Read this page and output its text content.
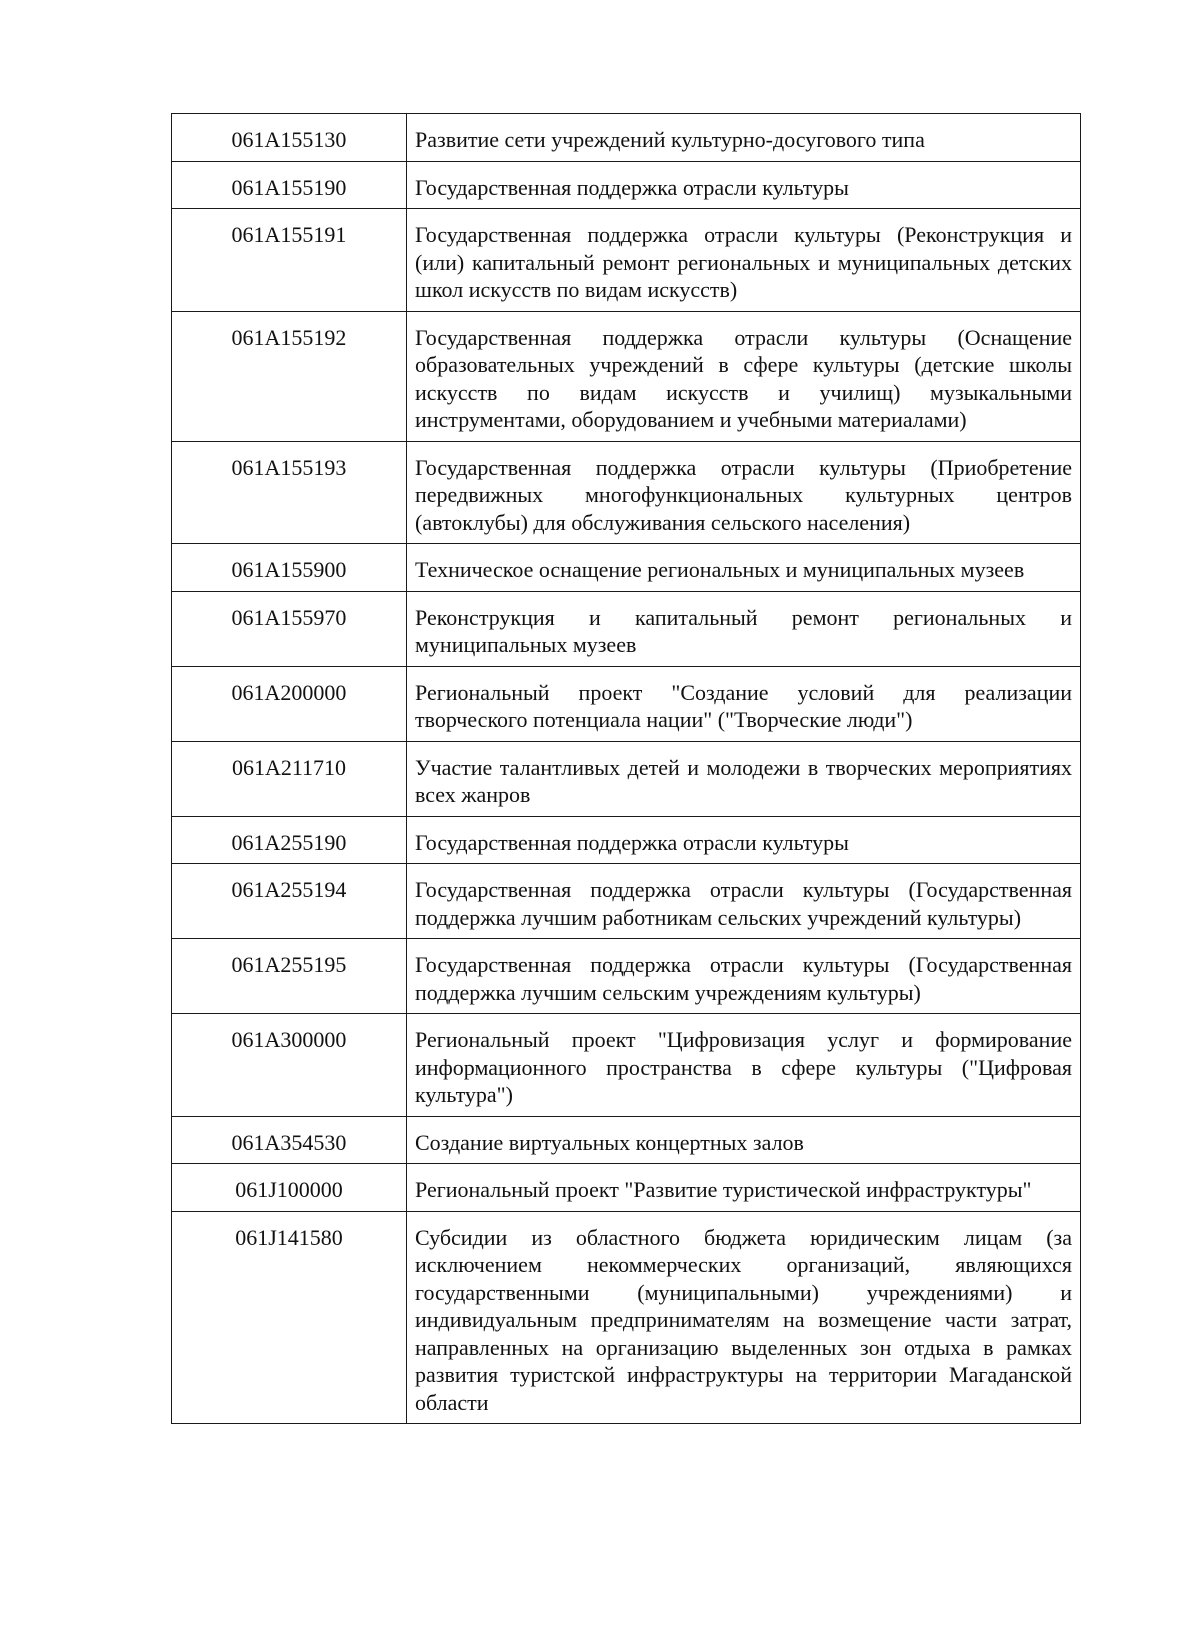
061A155130	Развитие сети учреждений культурно-досугового типа
061A155190	Государственная поддержка отрасли культуры
061A155191	Государственная поддержка отрасли культуры (Реконструкция и (или) капитальный ремонт региональных и муниципальных детских школ искусств по видам искусств)
061A155192	Государственная поддержка отрасли культуры (Оснащение образовательных учреждений в сфере культуры (детские школы искусств по видам искусств и училищ) музыкальными инструментами, оборудованием и учебными материалами)
061A155193	Государственная поддержка отрасли культуры (Приобретение передвижных многофункциональных культурных центров (автоклубы) для обслуживания сельского населения)
061A155900	Техническое оснащение региональных и муниципальных музеев
061A155970	Реконструкция и капитальный ремонт региональных и муниципальных музеев
061A200000	Региональный проект "Создание условий для реализации творческого потенциала нации" ("Творческие люди")
061A211710	Участие талантливых детей и молодежи в творческих мероприятиях всех жанров
061A255190	Государственная поддержка отрасли культуры
061A255194	Государственная поддержка отрасли культуры (Государственная поддержка лучшим работникам сельских учреждений культуры)
061A255195	Государственная поддержка отрасли культуры (Государственная поддержка лучшим сельским учреждениям культуры)
061A300000	Региональный проект "Цифровизация услуг и формирование информационного пространства в сфере культуры ("Цифровая культура")
061A354530	Создание виртуальных концертных залов
061J100000	Региональный проект "Развитие туристической инфраструктуры"
061J141580	Субсидии из областного бюджета юридическим лицам (за исключением некоммерческих организаций, являющихся государственными (муниципальными) учреждениями) и индивидуальным предпринимателям на возмещение части затрат, направленных на организацию выделенных зон отдыха в рамках развития туристской инфраструктуры на территории Магаданской области
